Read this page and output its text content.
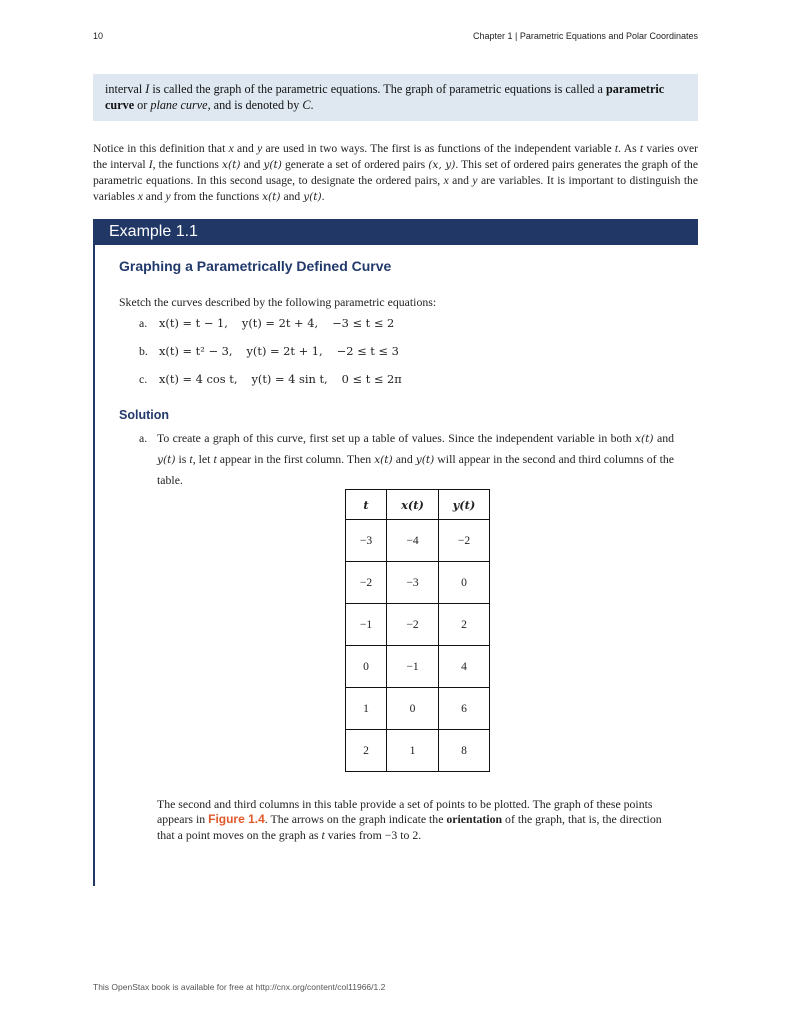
10	Chapter 1 | Parametric Equations and Polar Coordinates
interval I is called the graph of the parametric equations. The graph of parametric equations is called a parametric curve or plane curve, and is denoted by C.
Notice in this definition that x and y are used in two ways. The first is as functions of the independent variable t. As t varies over the interval I, the functions x(t) and y(t) generate a set of ordered pairs (x, y). This set of ordered pairs generates the graph of the parametric equations. In this second usage, to designate the ordered pairs, x and y are variables. It is important to distinguish the variables x and y from the functions x(t) and y(t).
Example 1.1
Graphing a Parametrically Defined Curve
Sketch the curves described by the following parametric equations:
a. x(t) = t − 1, y(t) = 2t + 4, −3 ≤ t ≤ 2
b. x(t) = t² − 3, y(t) = 2t + 1, −2 ≤ t ≤ 3
c. x(t) = 4 cos t, y(t) = 4 sin t, 0 ≤ t ≤ 2π
Solution
a. To create a graph of this curve, first set up a table of values. Since the independent variable in both x(t) and y(t) is t, let t appear in the first column. Then x(t) and y(t) will appear in the second and third columns of the table.
t	x(t)	y(t)
−3	−4	−2
−2	−3	0
−1	−2	2
0	−1	4
1	0	6
2	1	8
The second and third columns in this table provide a set of points to be plotted. The graph of these points appears in Figure 1.4. The arrows on the graph indicate the orientation of the graph, that is, the direction that a point moves on the graph as t varies from −3 to 2.
This OpenStax book is available for free at http://cnx.org/content/col11966/1.2
